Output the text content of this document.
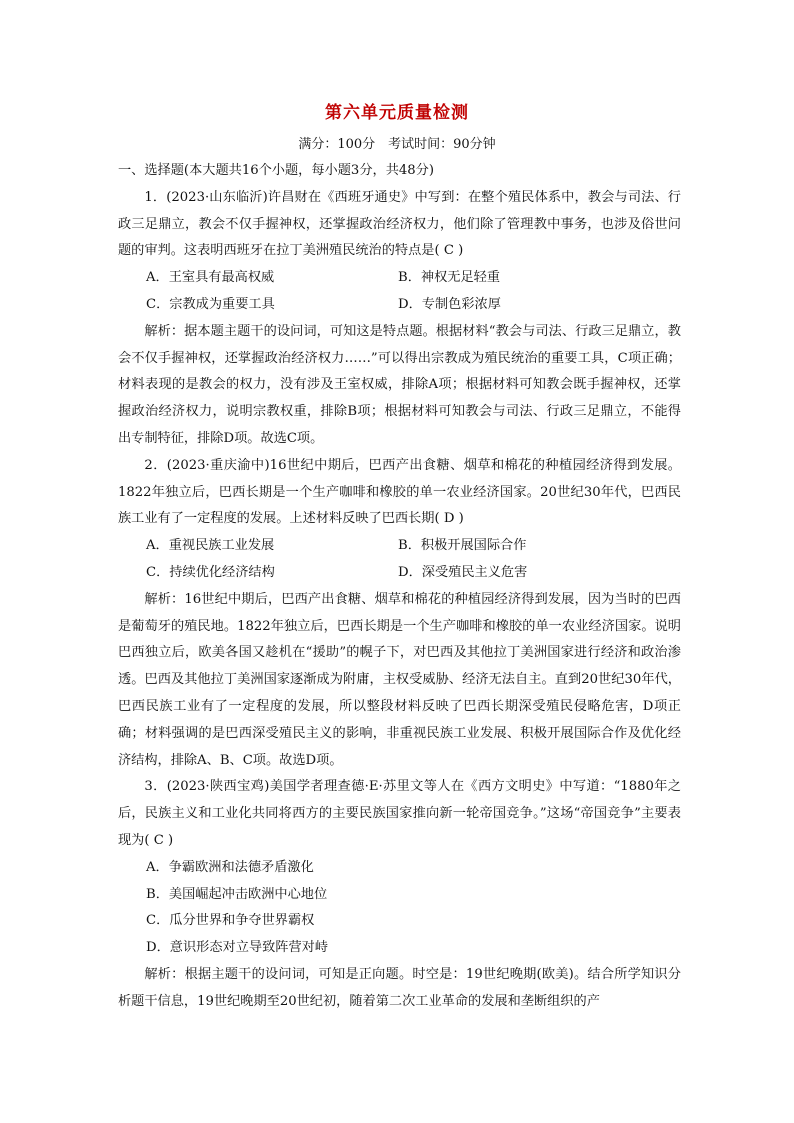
第六单元质量检测
满分：100分　考试时间：90分钟

一、选择题(本大题共16个小题，每小题3分，共48分)

1．(2023·山东临沂)许昌财在《西班牙通史》中写到：在整个殖民体系中，教会与司法、行政三足鼎立，教会不仅手握神权，还掌握政治经济权力，他们除了管理教中事务，也涉及俗世问题的审判。这表明西班牙在拉丁美洲殖民统治的特点是( C )

A．王室具有最高权威	B．神权无足轻重
C．宗教成为重要工具	D．专制色彩浓厚

解析：据本题主题干的设问词，可知这是特点题。根据材料“教会与司法、行政三足鼎立，教会不仅手握神权，还掌握政治经济权力……”可以得出宗教成为殖民统治的重要工具，C项正确；材料表现的是教会的权力，没有涉及王室权威，排除A项；根据材料可知教会既手握神权，还掌握政治经济权力，说明宗教权重，排除B项；根据材料可知教会与司法、行政三足鼎立，不能得出专制特征，排除D项。故选C项。

2．(2023·重庆渝中)16世纪中期后，巴西产出食糖、烟草和棉花的种植园经济得到发展。1822年独立后，巴西长期是一个生产咖啡和橡胶的单一农业经济国家。20世纪30年代，巴西民族工业有了一定程度的发展。上述材料反映了巴西长期( D )

A．重视民族工业发展	B．积极开展国际合作
C．持续优化经济结构	D．深受殖民主义危害

解析：16世纪中期后，巴西产出食糖、烟草和棉花的种植园经济得到发展，因为当时的巴西是葡萄牙的殖民地。1822年独立后，巴西长期是一个生产咖啡和橡胶的单一农业经济国家。说明巴西独立后，欧美各国又趁机在“援助”的幌子下，对巴西及其他拉丁美洲国家进行经济和政治渗透。巴西及其他拉丁美洲国家逐渐成为附庸，主权受威胁、经济无法自主。直到20世纪30年代，巴西民族工业有了一定程度的发展，所以整段材料反映了巴西长期深受殖民侵略危害，D项正确；材料强调的是巴西深受殖民主义的影响，非重视民族工业发展、积极开展国际合作及优化经济结构，排除A、B、C项。故选D项。

3．(2023·陕西宝鸡)美国学者理查德·E·苏里文等人在《西方文明史》中写道：“1880年之后，民族主义和工业化共同将西方的主要民族国家推向新一轮帝国竞争。”这场“帝国竞争”主要表现为( C )

A．争霸欧洲和法德矛盾激化
B．美国崛起冲击欧洲中心地位
C．瓜分世界和争夺世界霸权
D．意识形态对立导致阵营对峙

解析：根据主题干的设问词，可知是正向题。时空是：19世纪晚期(欧美)。结合所学知识分析题干信息，19世纪晚期至20世纪初，随着第二次工业革命的发展和垄断组织的产
